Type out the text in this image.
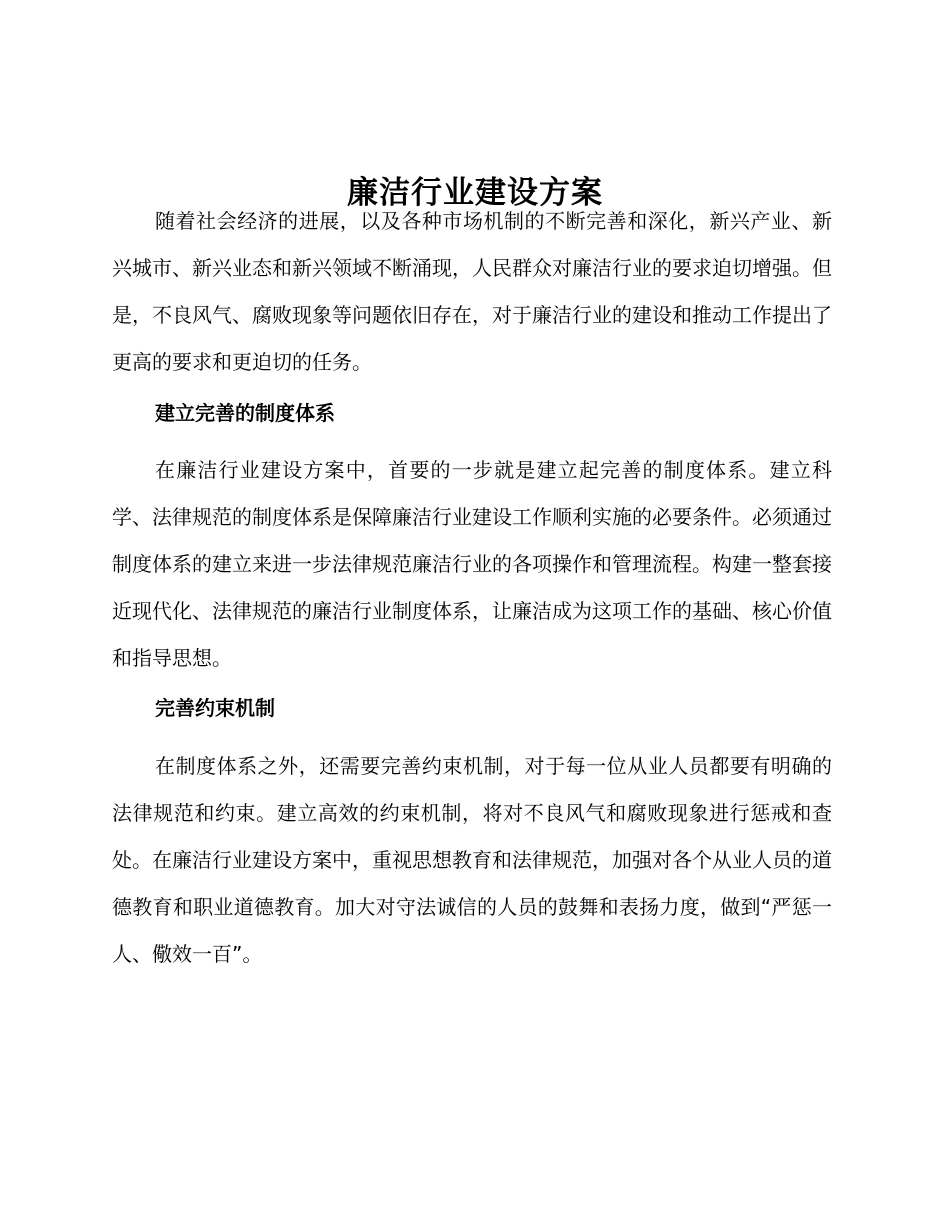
廉洁行业建设方案

随着社会经济的进展，以及各种市场机制的不断完善和深化，新兴产业、新兴城市、新兴业态和新兴领域不断涌现，人民群众对廉洁行业的要求迫切增强。但是，不良风气、腐败现象等问题依旧存在，对于廉洁行业的建设和推动工作提出了更高的要求和更迫切的任务。

建立完善的制度体系

在廉洁行业建设方案中，首要的一步就是建立起完善的制度体系。建立科学、法律规范的制度体系是保障廉洁行业建设工作顺利实施的必要条件。必须通过制度体系的建立来进一步法律规范廉洁行业的各项操作和管理流程。构建一整套接近现代化、法律规范的廉洁行业制度体系，让廉洁成为这项工作的基础、核心价值和指导思想。

完善约束机制

在制度体系之外，还需要完善约束机制，对于每一位从业人员都要有明确的法律规范和约束。建立高效的约束机制，将对不良风气和腐败现象进行惩戒和查处。在廉洁行业建设方案中，重视思想教育和法律规范，加强对各个从业人员的道德教育和职业道德教育。加大对守法诚信的人员的鼓舞和表扬力度，做到“严惩一人、儆效一百”。
